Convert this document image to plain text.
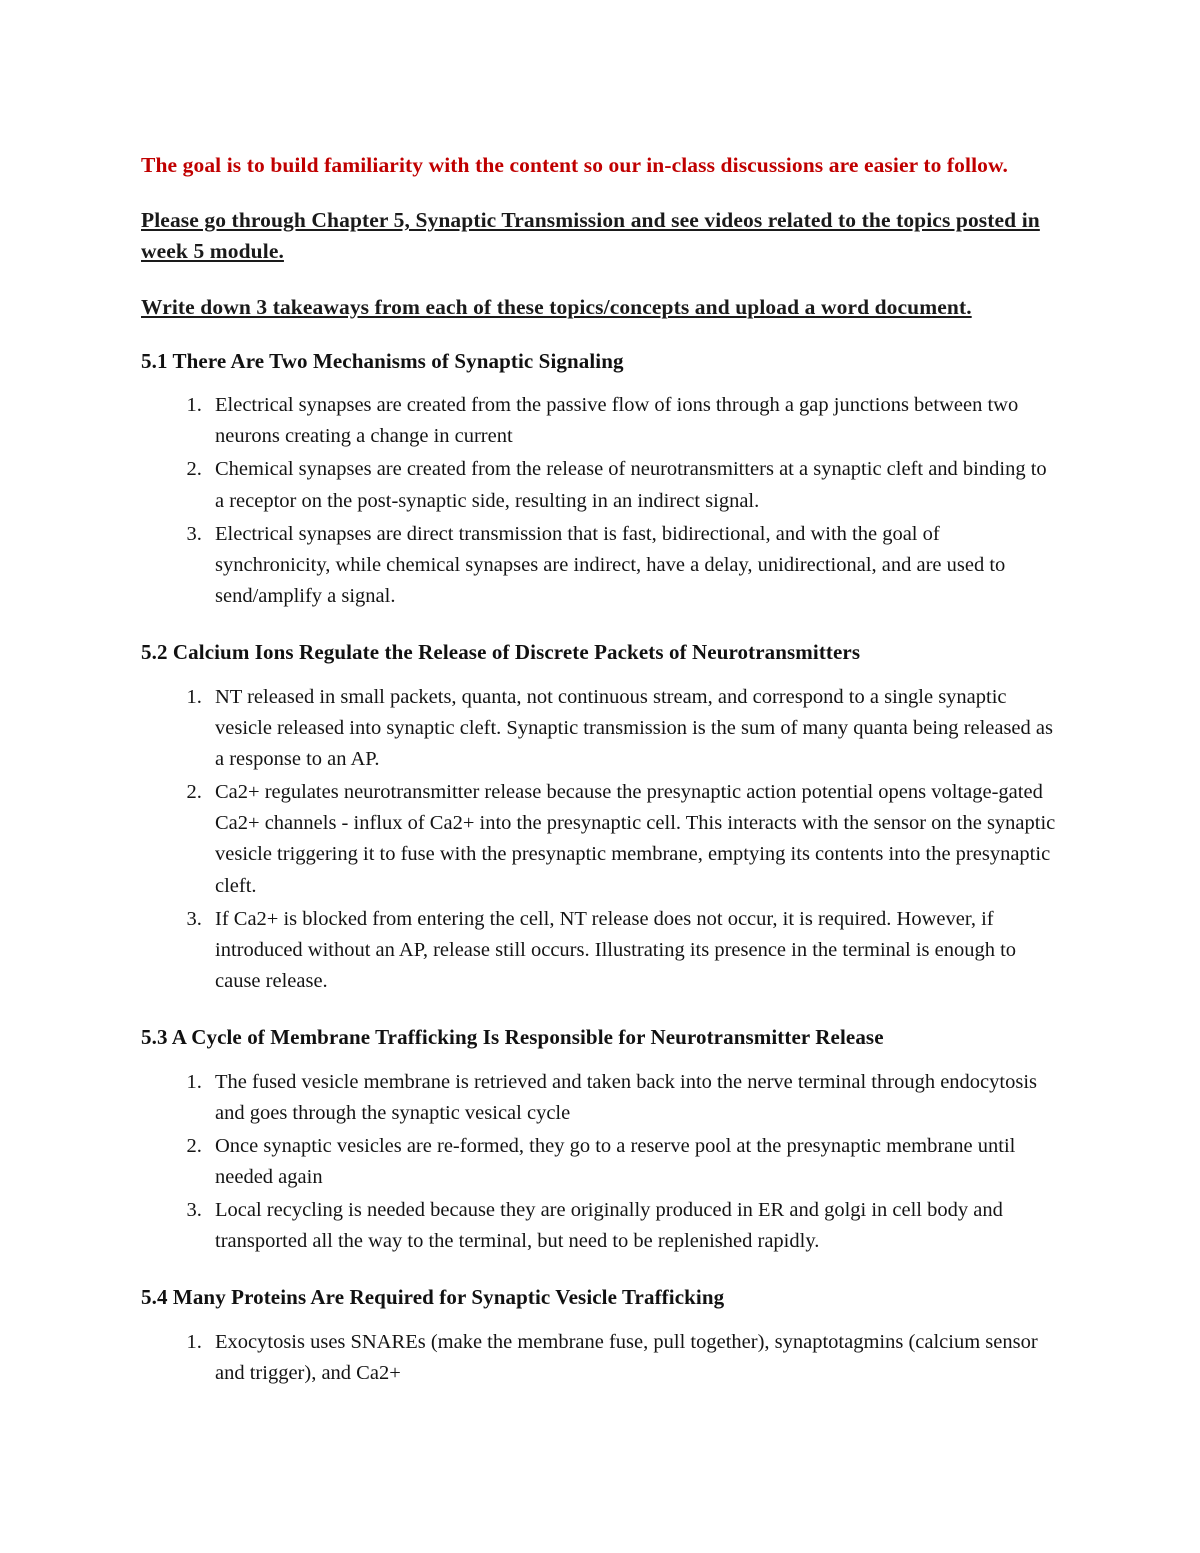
The goal is to build familiarity with the content so our in-class discussions are easier to follow.

Please go through Chapter 5, Synaptic Transmission and see videos related to the topics posted in week 5 module.

Write down 3 takeaways from each of these topics/concepts and upload a word document.

5.1 There Are Two Mechanisms of Synaptic Signaling
1. Electrical synapses are created from the passive flow of ions through a gap junctions between two neurons creating a change in current
2. Chemical synapses are created from the release of neurotransmitters at a synaptic cleft and binding to a receptor on the post-synaptic side, resulting in an indirect signal.
3. Electrical synapses are direct transmission that is fast, bidirectional, and with the goal of synchronicity, while chemical synapses are indirect, have a delay, unidirectional, and are used to send/amplify a signal.
5.2 Calcium Ions Regulate the Release of Discrete Packets of Neurotransmitters
1. NT released in small packets, quanta, not continuous stream, and correspond to a single synaptic vesicle released into synaptic cleft. Synaptic transmission is the sum of many quanta being released as a response to an AP.
2. Ca2+ regulates neurotransmitter release because the presynaptic action potential opens voltage-gated Ca2+ channels - influx of Ca2+ into the presynaptic cell. This interacts with the sensor on the synaptic vesicle triggering it to fuse with the presynaptic membrane, emptying its contents into the presynaptic cleft.
3. If Ca2+ is blocked from entering the cell, NT release does not occur, it is required. However, if introduced without an AP, release still occurs. Illustrating its presence in the terminal is enough to cause release.
5.3 A Cycle of Membrane Trafficking Is Responsible for Neurotransmitter Release
1. The fused vesicle membrane is retrieved and taken back into the nerve terminal through endocytosis and goes through the synaptic vesical cycle
2. Once synaptic vesicles are re-formed, they go to a reserve pool at the presynaptic membrane until needed again
3. Local recycling is needed because they are originally produced in ER and golgi in cell body and transported all the way to the terminal, but need to be replenished rapidly.
5.4 Many Proteins Are Required for Synaptic Vesicle Trafficking
1. Exocytosis uses SNAREs (make the membrane fuse, pull together), synaptotagmins (calcium sensor and trigger), and Ca2+
